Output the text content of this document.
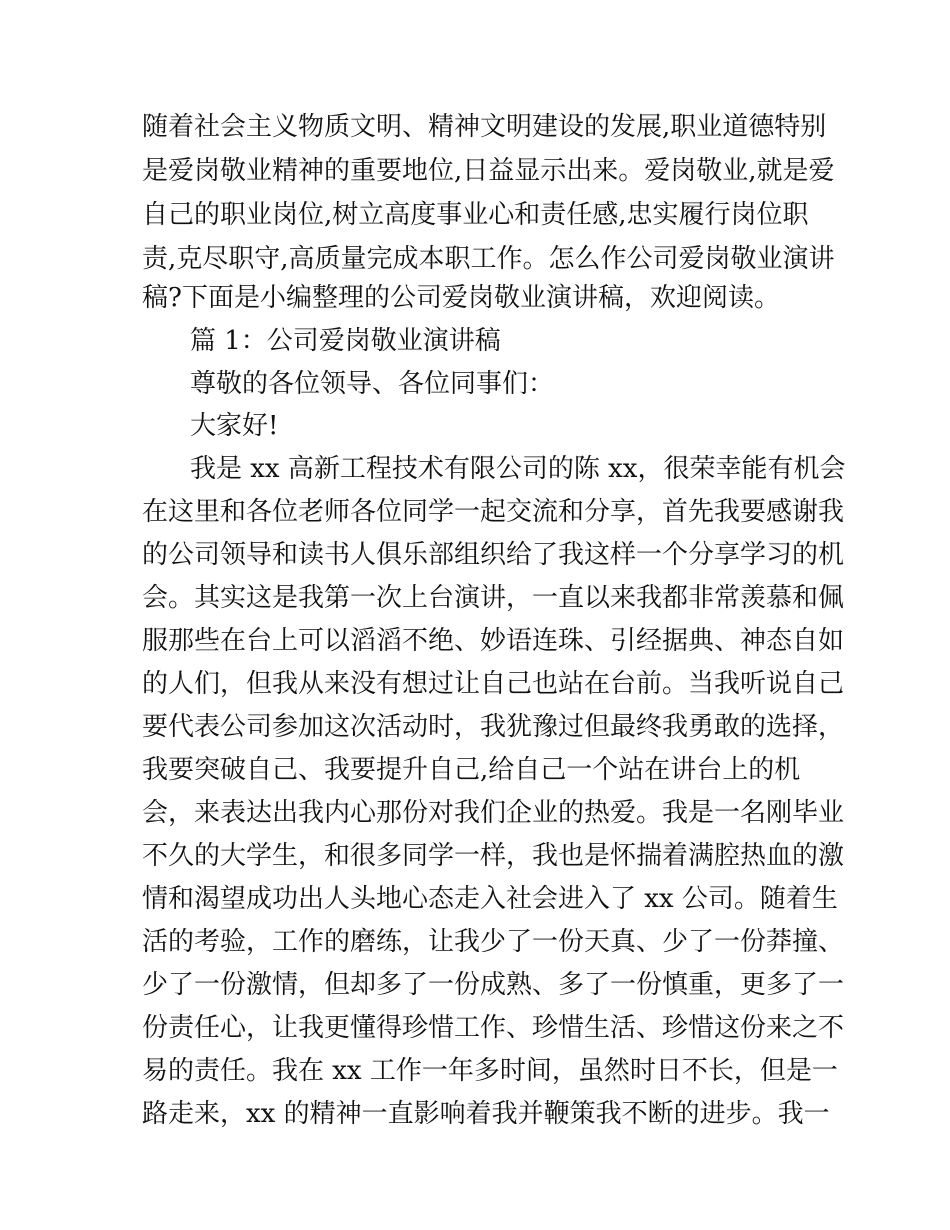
随着社会主义物质文明、精神文明建设的发展,职业道德特别
是爱岗敬业精神的重要地位,日益显示出来。爱岗敬业,就是爱
自己的职业岗位,树立高度事业心和责任感,忠实履行岗位职
责,克尽职守,高质量完成本职工作。怎么作公司爱岗敬业演讲
稿?下面是小编整理的公司爱岗敬业演讲稿，欢迎阅读。
篇 1：公司爱岗敬业演讲稿
尊敬的各位领导、各位同事们：
大家好!
我是 xx 高新工程技术有限公司的陈 xx，很荣幸能有机会
在这里和各位老师各位同学一起交流和分享，首先我要感谢我
的公司领导和读书人俱乐部组织给了我这样一个分享学习的机
会。其实这是我第一次上台演讲，一直以来我都非常羡慕和佩
服那些在台上可以滔滔不绝、妙语连珠、引经据典、神态自如
的人们，但我从来没有想过让自己也站在台前。当我听说自己
要代表公司参加这次活动时，我犹豫过但最终我勇敢的选择，
我要突破自己、我要提升自己,给自己一个站在讲台上的机
会，来表达出我内心那份对我们企业的热爱。我是一名刚毕业
不久的大学生，和很多同学一样，我也是怀揣着满腔热血的激
情和渴望成功出人头地心态走入社会进入了 xx 公司。随着生
活的考验，工作的磨练，让我少了一份天真、少了一份莽撞、
少了一份激情，但却多了一份成熟、多了一份慎重，更多了一
份责任心，让我更懂得珍惜工作、珍惜生活、珍惜这份来之不
易的责任。我在 xx 工作一年多时间，虽然时日不长，但是一
路走来，xx 的精神一直影响着我并鞭策我不断的进步。我一
